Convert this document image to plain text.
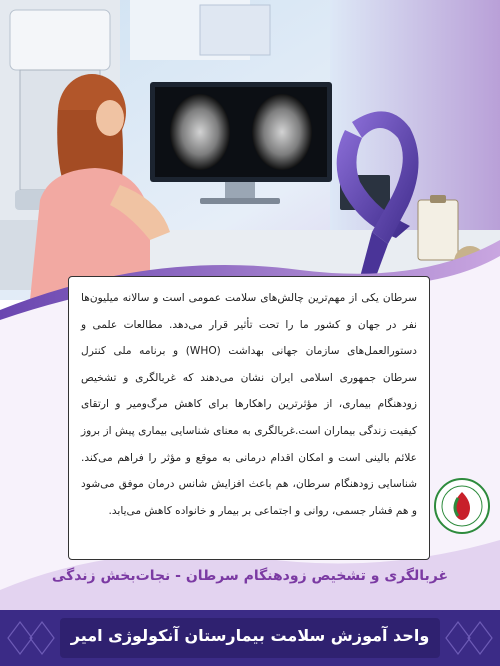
سرطان یکی از مهم‌ترین چالش‌های سلامت عمومی است و سالانه میلیون‌ها نفر در جهان و کشور ما را تحت تأثیر قرار می‌دهد. مطالعات علمی و دستورالعمل‌های سازمان جهانی بهداشت (WHO) و برنامه ملی کنترل سرطان جمهوری اسلامی ایران نشان می‌دهند که غربالگری و تشخیص زودهنگام بیماری، از مؤثرترین راهکارها برای کاهش مرگ‌ومیر و ارتقای کیفیت زندگی بیماران است.غربالگری به معنای شناسایی بیماری پیش از بروز علائم بالینی است و امکان اقدام درمانی به موقع و مؤثر را فراهم می‌کند. شناسایی زودهنگام سرطان، هم باعث افزایش شانس درمان موفق می‌شود و هم فشار جسمی، روانی و اجتماعی بر بیمار و خانواده کاهش می‌یابد.
غربالگری و تشخیص زودهنگام سرطان - نجات‌بخش زندگی
واحد آموزش سلامت بیمارستان آنکولوژی امیر
